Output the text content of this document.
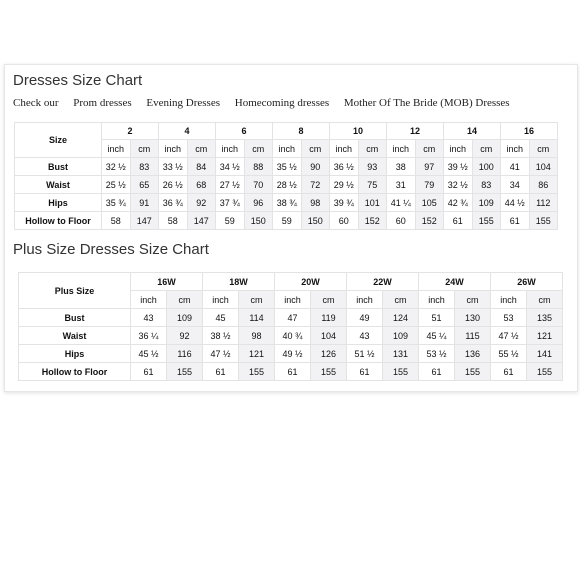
Dresses Size Chart
Check our Prom dresses Evening Dresses Homecoming dresses Mother Of The Bride (MOB) Dresses
Size	2		4		6		8		10		12		14		16	
	inch	cm	inch	cm	inch	cm	inch	cm	inch	cm	inch	cm	inch	cm	inch	cm
Bust	32 ½	83	33 ½	84	34 ½	88	35 ½	90	36 ½	93	38	97	39 ½	100	41	104
Waist	25 ½	65	26 ½	68	27 ½	70	28 ½	72	29 ½	75	31	79	32 ½	83	34	86
Hips	35 ¾	91	36 ¾	92	37 ¾	96	38 ¾	98	39 ¾	101	41 ¼	105	42 ¾	109	44 ½	112
Hollow to Floor	58	147	58	147	59	150	59	150	60	152	60	152	61	155	61	155
Plus Size Dresses Size Chart
Plus Size	16W		18W		20W		22W		24W		26W	
	inch	cm	inch	cm	inch	cm	inch	cm	inch	cm	inch	cm
Bust	43	109	45	114	47	119	49	124	51	130	53	135
Waist	36 ¼	92	38 ½	98	40 ¾	104	43	109	45 ¼	115	47 ½	121
Hips	45 ½	116	47 ½	121	49 ½	126	51 ½	131	53 ½	136	55 ½	141
Hollow to Floor	61	155	61	155	61	155	61	155	61	155	61	155
